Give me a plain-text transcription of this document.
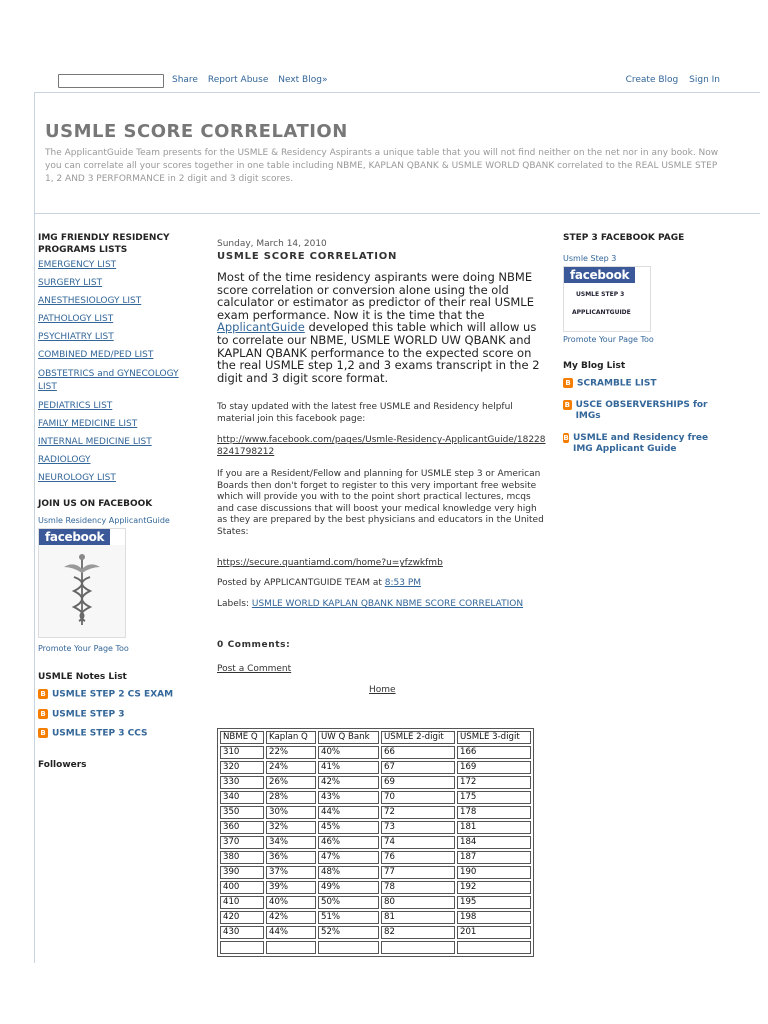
Share Report Abuse Next Blog»	Create Blog Sign In
USMLE SCORE CORRELATION
The ApplicantGuide Team presents for the USMLE & Residency Aspirants a unique table that you will not find neither on the net nor in any book. Now you can correlate all your scores together in one table including NBME, KAPLAN QBANK & USMLE WORLD QBANK correlated to the REAL USMLE STEP 1, 2 AND 3 PERFORMANCE in 2 digit and 3 digit scores.
IMG FRIENDLY RESIDENCY PROGRAMS LISTS
EMERGENCY LIST
SURGERY LIST
ANESTHESIOLOGY LIST
PATHOLOGY LIST
PSYCHIATRY LIST
COMBINED MED/PED LIST
OBSTETRICS and GYNECOLOGY LIST
PEDIATRICS LIST
FAMILY MEDICINE LIST
INTERNAL MEDICINE LIST
RADIOLOGY
NEUROLOGY LIST
JOIN US ON FACEBOOK
Usmle Residency ApplicantGuide
facebook
Promote Your Page Too
USMLE Notes List
B USMLE STEP 2 CS EXAM
B USMLE STEP 3
B USMLE STEP 3 CCS
Followers
Sunday, March 14, 2010
USMLE SCORE CORRELATION
Most of the time residency aspirants were doing NBME score correlation or conversion alone using the old calculator or estimator as predictor of their real USMLE exam performance. Now it is the time that the ApplicantGuide developed this table which will allow us to correlate our NBME, USMLE WORLD UW QBANK and KAPLAN QBANK performance to the expected score on the real USMLE step 1,2 and 3 exams transcript in the 2 digit and 3 digit score format.
To stay updated with the latest free USMLE and Residency helpful material join this facebook page:
http://www.facebook.com/pages/Usmle-Residency-ApplicantGuide/182288241798212
If you are a Resident/Fellow and planning for USMLE step 3 or American Boards then don't forget to register to this very important free website which will provide you with to the point short practical lectures, mcqs and case discussions that will boost your medical knowledge very high as they are prepared by the best physicians and educators in the United States:
https://secure.quantiamd.com/home?u=yfzwkfmb
Posted by APPLICANTGUIDE TEAM at 8:53 PM
Labels: USMLE WORLD KAPLAN QBANK NBME SCORE CORRELATION
0 Comments:
Post a Comment
Home
STEP 3 FACEBOOK PAGE
Usmle Step 3
facebook
USMLE STEP 3
APPLICANTGUIDE
Promote Your Page Too
My Blog List
B SCRAMBLE LIST
B USCE OBSERVERSHIPS for IMGs
B USMLE and Residency free IMG Applicant Guide
NBME Q	Kaplan Q	UW Q Bank	USMLE 2-digit	USMLE 3-digit
310	22%	40%	66	166
320	24%	41%	67	169
330	26%	42%	69	172
340	28%	43%	70	175
350	30%	44%	72	178
360	32%	45%	73	181
370	34%	46%	74	184
380	36%	47%	76	187
390	37%	48%	77	190
400	39%	49%	78	192
410	40%	50%	80	195
420	42%	51%	81	198
430	44%	52%	82	201
